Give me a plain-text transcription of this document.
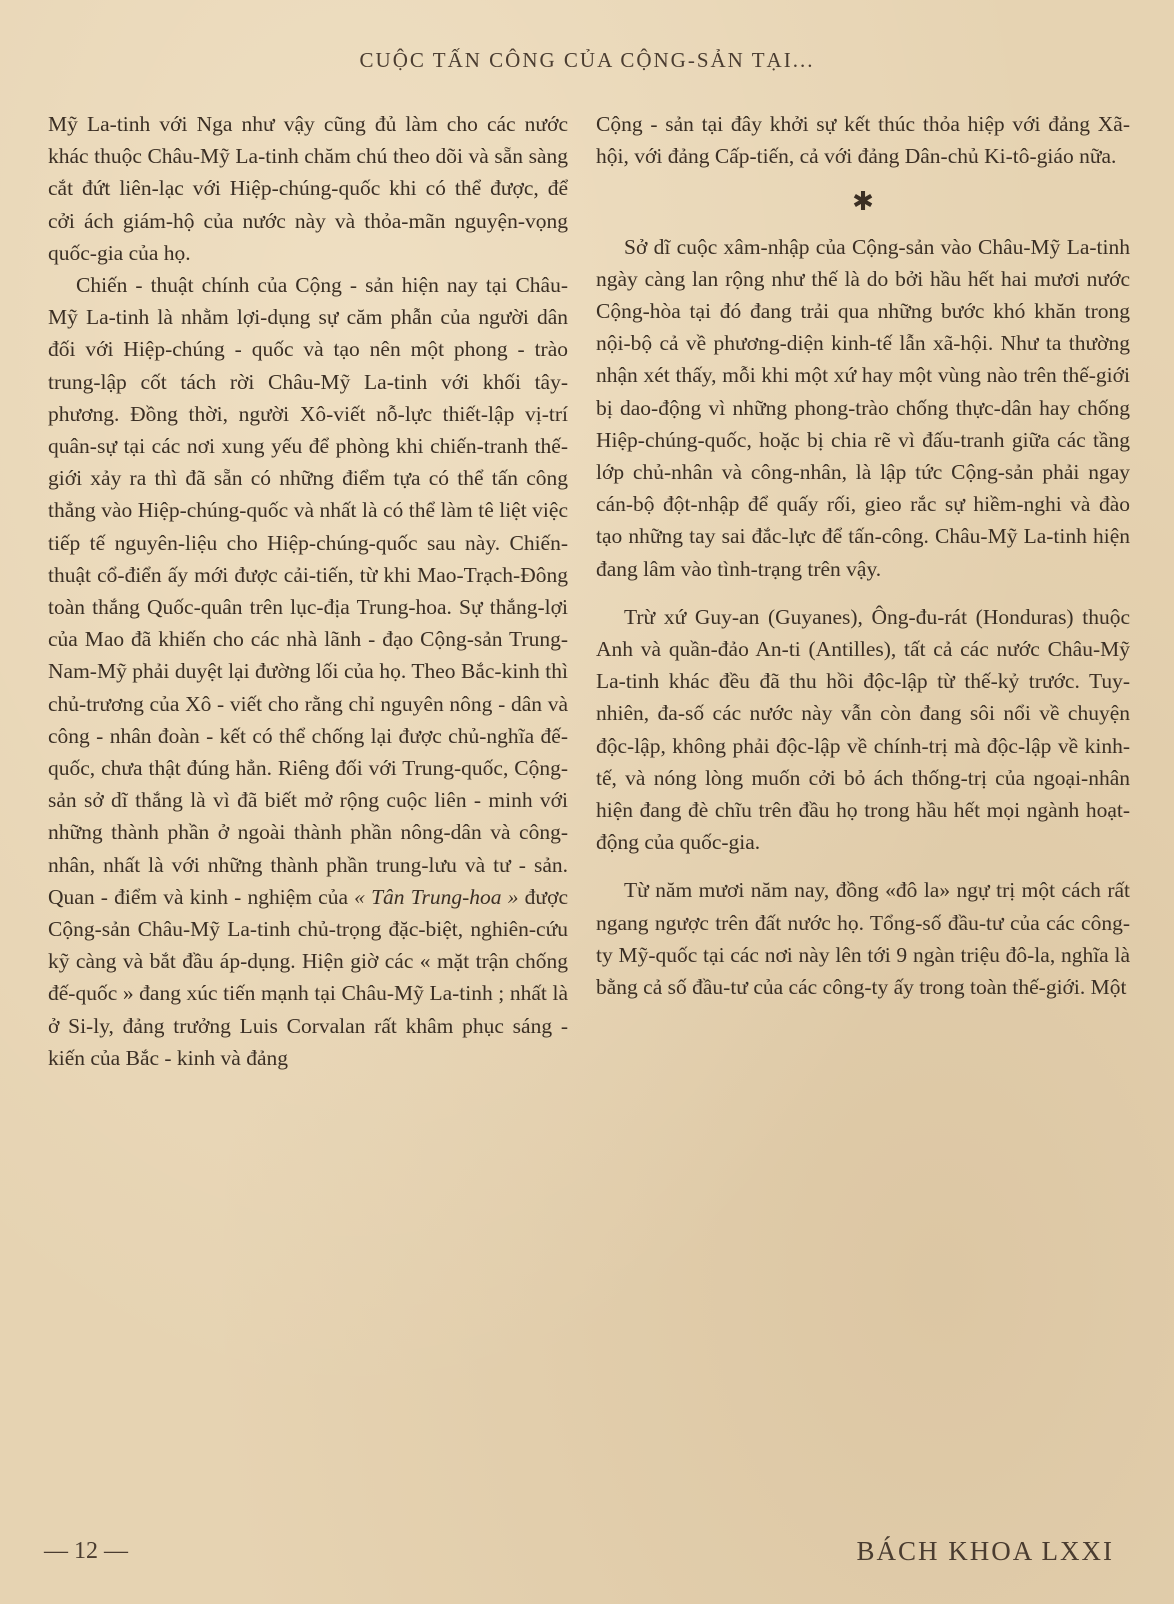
CUỘC TẤN CÔNG CỦA CỘNG-SẢN TẠI...

Mỹ La-tinh với Nga như vậy cũng đủ làm cho các nước khác thuộc Châu-Mỹ La-tinh chăm chú theo dõi và sẵn sàng cắt đứt liên-lạc với Hiệp-chúng-quốc khi có thể được, để cởi ách giám-hộ của nước này và thỏa-mãn nguyện-vọng quốc-gia của họ.

Chiến - thuật chính của Cộng - sản hiện nay tại Châu-Mỹ La-tinh là nhằm lợi-dụng sự căm phẫn của người dân đối với Hiệp-chúng - quốc và tạo nên một phong - trào trung-lập cốt tách rời Châu-Mỹ La-tinh với khối tây-phương. Đồng thời, người Xô-viết nỗ-lực thiết-lập vị-trí quân-sự tại các nơi xung yếu để phòng khi chiến-tranh thế-giới xảy ra thì đã sẵn có những điểm tựa có thể tấn công thẳng vào Hiệp-chúng-quốc và nhất là có thể làm tê liệt việc tiếp tế nguyên-liệu cho Hiệp-chúng-quốc sau này. Chiến-thuật cổ-điển ấy mới được cải-tiến, từ khi Mao-Trạch-Đông toàn thắng Quốc-quân trên lục-địa Trung-hoa. Sự thắng-lợi của Mao đã khiến cho các nhà lãnh - đạo Cộng-sản Trung-Nam-Mỹ phải duyệt lại đường lối của họ. Theo Bắc-kinh thì chủ-trương của Xô - viết cho rằng chỉ nguyên nông - dân và công - nhân đoàn - kết có thể chống lại được chủ-nghĩa đế-quốc, chưa thật đúng hẳn. Riêng đối với Trung-quốc, Cộng-sản sở dĩ thắng là vì đã biết mở rộng cuộc liên - minh với những thành phần ở ngoài thành phần nông-dân và công-nhân, nhất là với những thành phần trung-lưu và tư - sản. Quan - điểm và kinh - nghiệm của « Tân Trung-hoa » được Cộng-sản Châu-Mỹ La-tinh chủ-trọng đặc-biệt, nghiên-cứu kỹ càng và bắt đầu áp-dụng. Hiện giờ các « mặt trận chống đế-quốc » đang xúc tiến mạnh tại Châu-Mỹ La-tinh ; nhất là ở Si-ly, đảng trưởng Luis Corvalan rất khâm phục sáng - kiến của Bắc - kinh và đảng

Cộng - sản tại đây khởi sự kết thúc thỏa hiệp với đảng Xã-hội, với đảng Cấp-tiến, cả với đảng Dân-chủ Ki-tô-giáo nữa.

✱

Sở dĩ cuộc xâm-nhập của Cộng-sản vào Châu-Mỹ La-tinh ngày càng lan rộng như thế là do bởi hầu hết hai mươi nước Cộng-hòa tại đó đang trải qua những bước khó khăn trong nội-bộ cả về phương-diện kinh-tế lẫn xã-hội. Như ta thường nhận xét thấy, mỗi khi một xứ hay một vùng nào trên thế-giới bị dao-động vì những phong-trào chống thực-dân hay chống Hiệp-chúng-quốc, hoặc bị chia rẽ vì đấu-tranh giữa các tầng lớp chủ-nhân và công-nhân, là lập tức Cộng-sản phải ngay cán-bộ đột-nhập để quấy rối, gieo rắc sự hiềm-nghi và đào tạo những tay sai đắc-lực để tấn-công. Châu-Mỹ La-tinh hiện đang lâm vào tình-trạng trên vậy.

Trừ xứ Guy-an (Guyanes), Ông-đu-rát (Honduras) thuộc Anh và quần-đảo An-ti (Antilles), tất cả các nước Châu-Mỹ La-tinh khác đều đã thu hồi độc-lập từ thế-kỷ trước. Tuy-nhiên, đa-số các nước này vẫn còn đang sôi nổi về chuyện độc-lập, không phải độc-lập về chính-trị mà độc-lập về kinh-tế, và nóng lòng muốn cởi bỏ ách thống-trị của ngoại-nhân hiện đang đè chĩu trên đầu họ trong hầu hết mọi ngành hoạt-động của quốc-gia.

Từ năm mươi năm nay, đồng «đô la» ngự trị một cách rất ngang ngược trên đất nước họ. Tổng-số đầu-tư của các công-ty Mỹ-quốc tại các nơi này lên tới 9 ngàn triệu đô-la, nghĩa là bằng cả số đầu-tư của các công-ty ấy trong toàn thế-giới. Một

— 12 —	BÁCH KHOA LXXI
